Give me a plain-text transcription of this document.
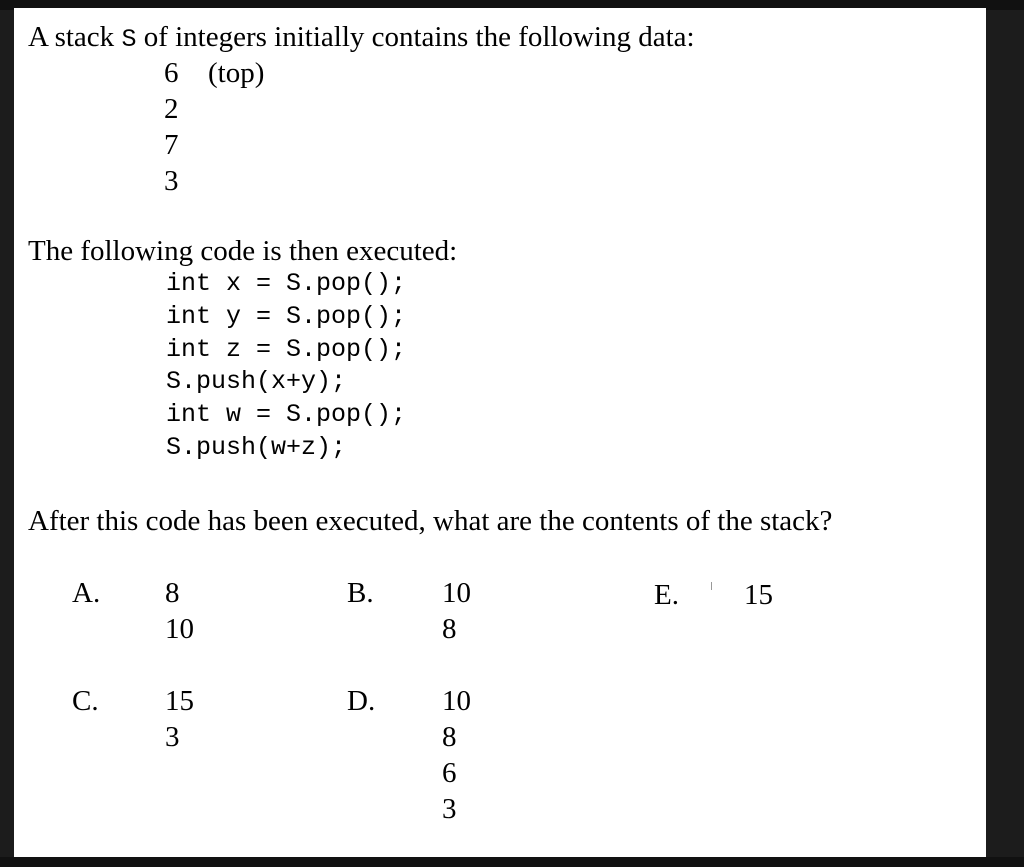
A stack S of integers initially contains the following data:
6 (top)
2
7
3
The following code is then executed:
int x = S.pop();
int y = S.pop();
int z = S.pop();
S.push(x+y);
int w = S.pop();
S.push(w+z);
After this code has been executed, what are the contents of the stack?
A. 8
10
B. 10
8
E. 15
C. 15
3
D. 10
8
6
3
